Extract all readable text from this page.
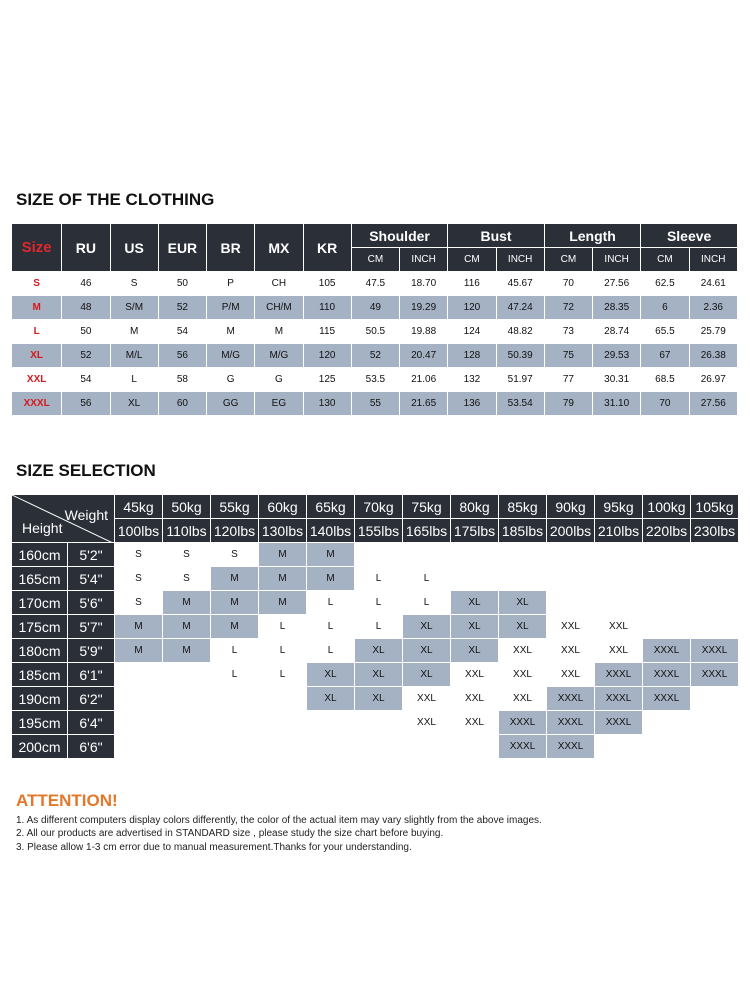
SIZE OF THE CLOTHING
Size	RU	US	EUR	BR	MX	KR	Shoulder		Bust		Length		Sleeve	
							CM	INCH	CM	INCH	CM	INCH	CM	INCH
S	46	S	50	P	CH	105	47.5	18.70	116	45.67	70	27.56	62.5	24.61
M	48	S/M	52	P/M	CH/M	110	49	19.29	120	47.24	72	28.35	6	2.36
L	50	M	54	M	M	115	50.5	19.88	124	48.82	73	28.74	65.5	25.79
XL	52	M/L	56	M/G	M/G	120	52	20.47	128	50.39	75	29.53	67	26.38
XXL	54	L	58	G	G	125	53.5	21.06	132	51.97	77	30.31	68.5	26.97
XXXL	56	XL	60	GG	EG	130	55	21.65	136	53.54	79	31.10	70	27.56
SIZE SELECTION
Weight
Height		45kg	50kg	55kg	60kg	65kg	70kg	75kg	80kg	85kg	90kg	95kg	100kg	105kg
		100lbs	110lbs	120lbs	130lbs	140lbs	155lbs	165lbs	175lbs	185lbs	200lbs	210lbs	220lbs	230lbs
160cm	5'2"	S	S	S	M	M								
165cm	5'4"	S	S	M	M	M	L	L						
170cm	5'6"	S	M	M	M	L	L	L	XL	XL				
175cm	5'7"	M	M	M	L	L	L	XL	XL	XL	XXL	XXL		
180cm	5'9"	M	M	L	L	L	XL	XL	XL	XXL	XXL	XXL	XXXL	XXXL
185cm	6'1"			L	L	XL	XL	XL	XXL	XXL	XXL	XXXL	XXXL	XXXL
190cm	6'2"					XL	XL	XXL	XXL	XXL	XXXL	XXXL	XXXL	
195cm	6'4"							XXL	XXL	XXXL	XXXL	XXXL		
200cm	6'6"									XXXL	XXXL			
ATTENTION!

1. As different computers display colors differently, the color of the actual item may vary slightly from the above images.

2. All our products are advertised in STANDARD size , please study the size chart before buying.

3. Please allow 1-3 cm error due to manual measurement.Thanks for your understanding.
